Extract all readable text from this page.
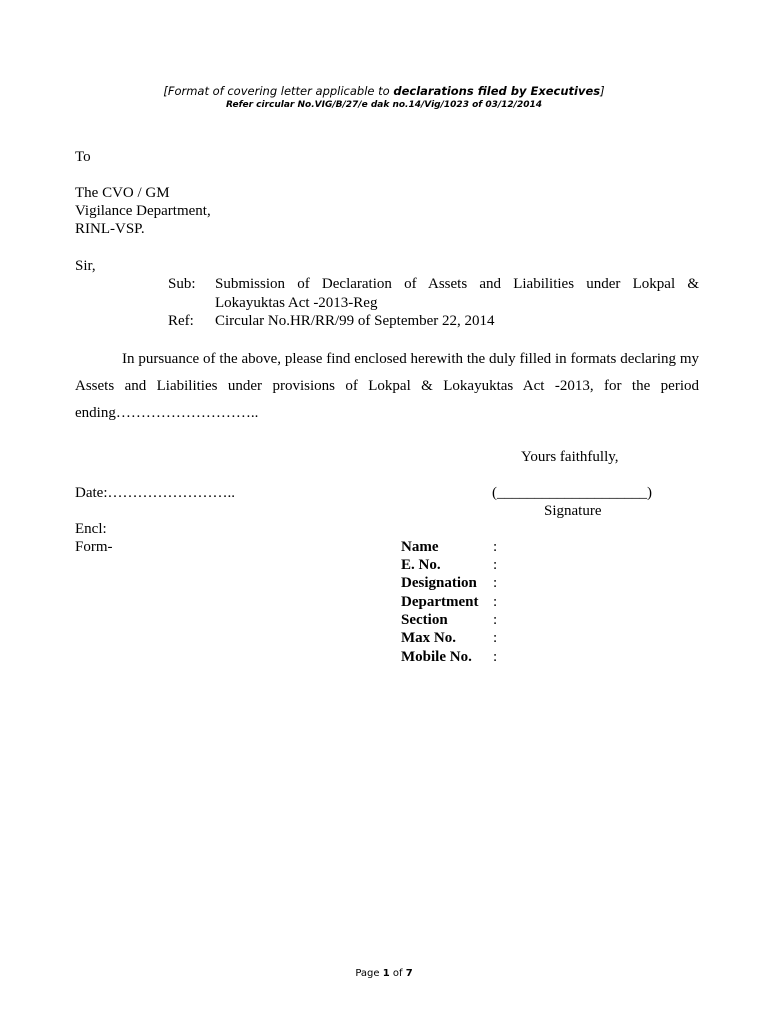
[Format of covering letter applicable to declarations filed by Executives]
Refer circular No.VIG/B/27/e dak no.14/Vig/1023 of 03/12/2014
To
The CVO / GM
Vigilance Department,
RINL-VSP.
Sir,
Sub: Submission of Declaration of Assets and Liabilities under Lokpal &
Lokayuktas Act -2013-Reg
Ref: Circular No.HR/RR/99 of September 22, 2014
In pursuance of the above, please find enclosed herewith the duly filled in formats declaring my Assets and Liabilities under provisions of Lokpal & Lokayuktas Act -2013, for the period ending………………………..
Yours faithfully,
Date:……………………..	(____________________)
Signature
Encl:
Form-	Name	:
E. No.	:
Designation :
Department :
Section	:
Max No. :
Mobile No. :
Page 1 of 7
